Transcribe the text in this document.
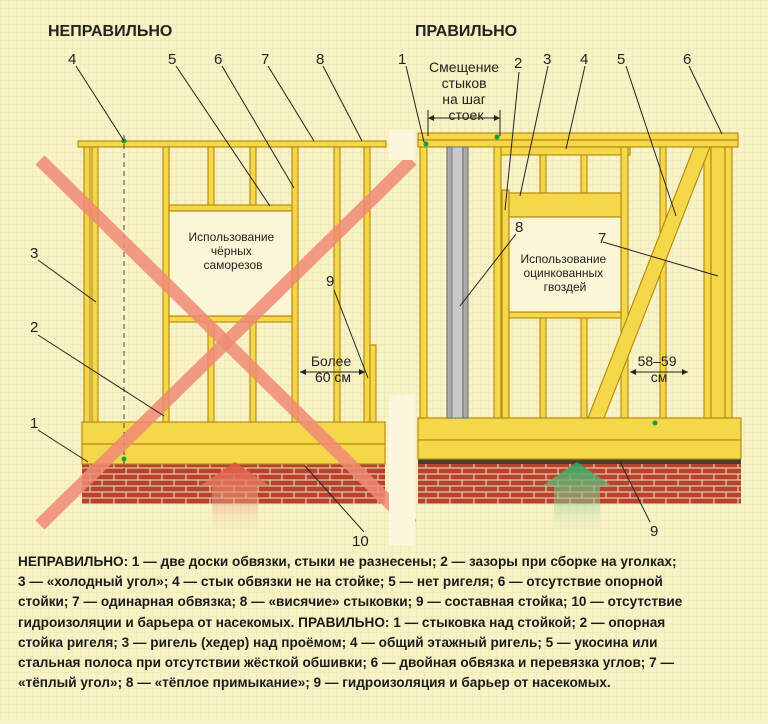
НЕПРАВИЛЬНО	ПРАВИЛЬНО
Использование чёрных саморезов
Более 60 см
4	5	6	7	8
3
2
9
1
10
Смещение стыков на шаг стоек
Использование оцинкованных гвоздей
58–59 см
1	2 3 4 5	6
8
7
9
НЕПРАВИЛЬНО: 1 — две доски обвязки, стыки не разнесены; 2 — зазоры при сборке на уголках;
3 — «холодный угол»; 4 — стык обвязки не на стойке; 5 — нет ригеля; 6 — отсутствие опорной
стойки; 7 — одинарная обвязка; 8 — «висячие» стыковки; 9 — составная стойка; 10 — отсутствие
гидроизоляции и барьера от насекомых. ПРАВИЛЬНО: 1 — стыковка над стойкой; 2 — опорная
стойка ригеля; 3 — ригель (хедер) над проёмом; 4 — общий этажный ригель; 5 — укосина или
стальная полоса при отсутствии жёсткой обшивки; 6 — двойная обвязка и перевязка углов; 7 —
«тёплый угол»; 8 — «тёплое примыкание»; 9 — гидроизоляция и барьер от насекомых.
